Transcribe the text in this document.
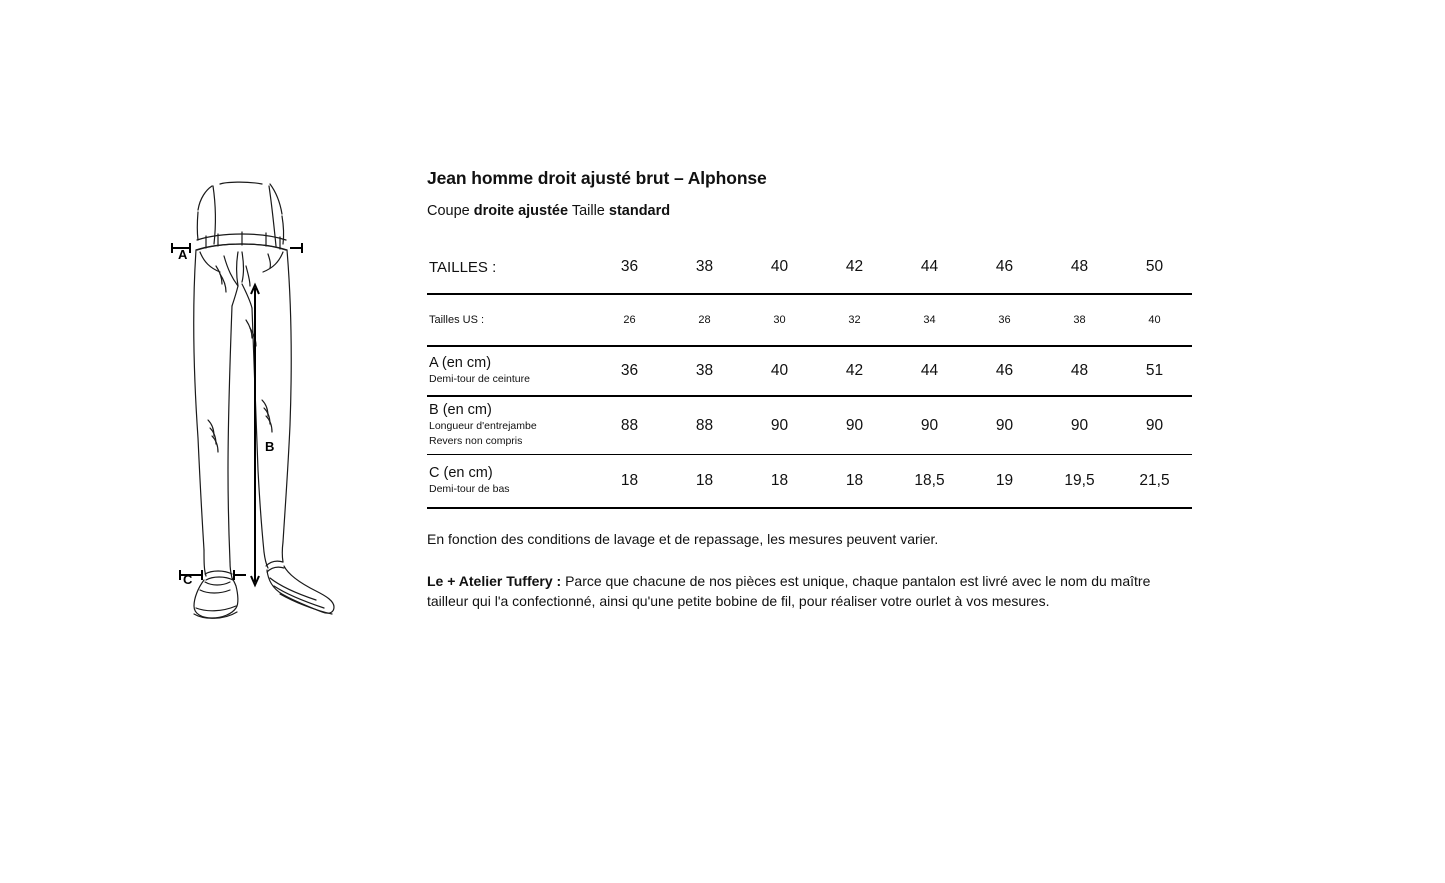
A
B
C
Jean homme droit ajusté brut – Alphonse

Coupe droite ajustée Taille standard

TAILLES :	36	38	40	42	44	46	48	50
Tailles US :	26	28	30	32	34	36	38	40

A (en cm)
Demi-tour de ceinture	36	38	40	42	44	46	48	51

B (en cm)
Longueur d'entrejambe
Revers non compris	88	88	90	90	90	90	90	90

C (en cm)
Demi-tour de bas	18	18	18	18	18,5	19	19,5	21,5

En fonction des conditions de lavage et de repassage, les mesures peuvent varier.

Le + Atelier Tuffery : Parce que chacune de nos pièces est unique, chaque pantalon est livré avec le nom du maître tailleur qui l'a confectionné, ainsi qu'une petite bobine de fil, pour réaliser votre ourlet à vos mesures.
